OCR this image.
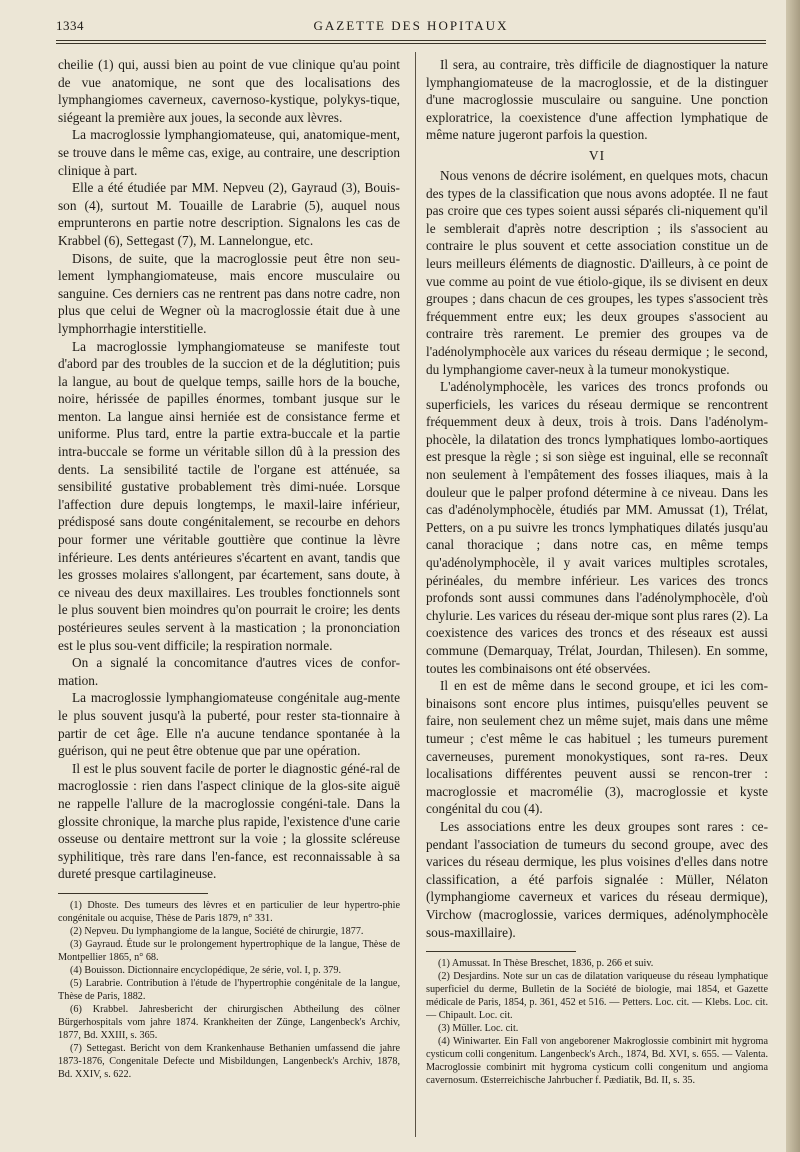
1334	GAZETTE DES HOPITAUX

cheilie (1) qui, aussi bien au point de vue clinique qu'au point de vue anatomique, ne sont que des localisations des lymphangiomes caverneux, cavernoso-kystique, polykys-tique, siégeant la première aux joues, la seconde aux lèvres.

La macroglossie lymphangiomateuse, qui, anatomique-ment, se trouve dans le même cas, exige, au contraire, une description clinique à part.

Elle a été étudiée par MM. Nepveu (2), Gayraud (3), Bouis-son (4), surtout M. Touaille de Larabrie (5), auquel nous emprunterons en partie notre description. Signalons les cas de Krabbel (6), Settegast (7), M. Lannelongue, etc.

Disons, de suite, que la macroglossie peut être non seu-lement lymphangiomateuse, mais encore musculaire ou sanguine. Ces derniers cas ne rentrent pas dans notre cadre, non plus que celui de Wegner où la macroglossie était due à une lymphorrhagie interstitielle.

La macroglossie lymphangiomateuse se manifeste tout d'abord par des troubles de la succion et de la déglutition; puis la langue, au bout de quelque temps, saille hors de la bouche, noire, hérissée de papilles énormes, tombant jusque sur le menton. La langue ainsi herniée est de consistance ferme et uniforme. Plus tard, entre la partie extra-buccale et la partie intra-buccale se forme un véritable sillon dû à la pression des dents. La sensibilité tactile de l'organe est atténuée, sa sensibilité gustative probablement très dimi-nuée. Lorsque l'affection dure depuis longtemps, le maxil-laire inférieur, prédisposé sans doute congénitalement, se recourbe en dehors pour former une véritable gouttière que continue la lèvre inférieure. Les dents antérieures s'écartent en avant, tandis que les grosses molaires s'allongent, par écartement, sans doute, à ce niveau des deux maxillaires. Les troubles fonctionnels sont le plus souvent bien moindres qu'on pourrait le croire; les dents postérieures seules servent à la mastication ; la prononciation est le plus sou-vent difficile; la respiration normale.

On a signalé la concomitance d'autres vices de confor-mation.

La macroglossie lymphangiomateuse congénitale aug-mente le plus souvent jusqu'à la puberté, pour rester sta-tionnaire à partir de cet âge. Elle n'a aucune tendance spontanée à la guérison, qui ne peut être obtenue que par une opération.

Il est le plus souvent facile de porter le diagnostic géné-ral de macroglossie : rien dans l'aspect clinique de la glos-site aiguë ne rappelle l'allure de la macroglossie congéni-tale. Dans la glossite chronique, la marche plus rapide, l'existence d'une carie osseuse ou dentaire mettront sur la voie ; la glossite scléreuse syphilitique, très rare dans l'en-fance, est reconnaissable à sa dureté presque cartilagineuse.

(1) Dhoste. Des tumeurs des lèvres et en particulier de leur hypertro-phie congénitale ou acquise, Thèse de Paris 1879, n° 331.

(2) Nepveu. Du lymphangiome de la langue, Société de chirurgie, 1877.

(3) Gayraud. Étude sur le prolongement hypertrophique de la langue, Thèse de Montpellier 1865, n° 68.

(4) Bouisson. Dictionnaire encyclopédique, 2e série, vol. I, p. 379.

(5) Larabrie. Contribution à l'étude de l'hypertrophie congénitale de la langue, Thèse de Paris, 1882.

(6) Krabbel. Jahresbericht der chirurgischen Abtheilung des cölner Bürgerhospitals vom jahre 1874. Krankheiten der Zünge, Langenbeck's Archiv, 1877, Bd. XXIII, s. 365.

(7) Settegast. Bericht von dem Krankenhause Bethanien umfassend die jahre 1873-1876, Congenitale Defecte und Misbildungen, Langenbeck's Archiv, 1878, Bd. XXIV, s. 622.

Il sera, au contraire, très difficile de diagnostiquer la nature lymphangiomateuse de la macroglossie, et de la distinguer d'une macroglossie musculaire ou sanguine. Une ponction exploratrice, la coexistence d'une affection lymphatique de même nature jugeront parfois la question.

VI

Nous venons de décrire isolément, en quelques mots, chacun des types de la classification que nous avons adoptée. Il ne faut pas croire que ces types soient aussi séparés cli-niquement qu'il le semblerait d'après notre description ; ils s'associent au contraire le plus souvent et cette association constitue un de leurs meilleurs éléments de diagnostic. D'ailleurs, à ce point de vue comme au point de vue étiolo-gique, ils se divisent en deux groupes ; dans chacun de ces groupes, les types s'associent très fréquemment entre eux; les deux groupes s'associent au contraire très rarement. Le premier des groupes va de l'adénolymphocèle aux varices du réseau dermique ; le second, du lymphangiome caver-neux à la tumeur monokystique.

L'adénolymphocèle, les varices des troncs profonds ou superficiels, les varices du réseau dermique se rencontrent fréquemment deux à deux, trois à trois. Dans l'adénolym-phocèle, la dilatation des troncs lymphatiques lombo-aortiques est presque la règle ; si son siège est inguinal, elle se reconnaît non seulement à l'empâtement des fosses iliaques, mais à la douleur que le palper profond détermine à ce niveau. Dans les cas d'adénolymphocèle, étudiés par MM. Amussat (1), Trélat, Petters, on a pu suivre les troncs lymphatiques dilatés jusqu'au canal thoracique ; dans notre cas, en même temps qu'adénolymphocèle, il y avait varices multiples scrotales, périnéales, du membre inférieur. Les varices des troncs profonds sont aussi communes dans l'adénolymphocèle, d'où chylurie. Les varices du réseau der-mique sont plus rares (2). La coexistence des varices des troncs et des réseaux est aussi commune (Demarquay, Trélat, Jourdan, Thilesen). En somme, toutes les combinaisons ont été observées.

Il en est de même dans le second groupe, et ici les com-binaisons sont encore plus intimes, puisqu'elles peuvent se faire, non seulement chez un même sujet, mais dans une même tumeur ; c'est même le cas habituel ; les tumeurs purement caverneuses, purement monokystiques, sont ra-res. Deux localisations différentes peuvent aussi se rencon-trer : macroglossie et macromélie (3), macroglossie et kyste congénital du cou (4).

Les associations entre les deux groupes sont rares : ce-pendant l'association de tumeurs du second groupe, avec des varices du réseau dermique, les plus voisines d'elles dans notre classification, a été parfois signalée : Müller, Nélaton (lymphangiome caverneux et varices du réseau dermique), Virchow (macroglossie, varices dermiques, adénolymphocèle sous-maxillaire).

(1) Amussat. In Thèse Breschet, 1836, p. 266 et suiv.

(2) Desjardins. Note sur un cas de dilatation variqueuse du réseau lymphatique superficiel du derme, Bulletin de la Société de biologie, mai 1854, et Gazette médicale de Paris, 1854, p. 361, 452 et 516. — Petters. Loc. cit. — Klebs. Loc. cit. — Chipault. Loc. cit.

(3) Müller. Loc. cit.

(4) Winiwarter. Ein Fall von angeborener Makroglossie combinirt mit hygroma cysticum colli congenitum. Langenbeck's Arch., 1874, Bd. XVI, s. 655. — Valenta. Macroglossie combinirt mit hygroma cysticum colli congenitum und angioma cavernosum. Œsterreichische Jahrbucher f. Pædiatik, Bd. II, s. 35.
